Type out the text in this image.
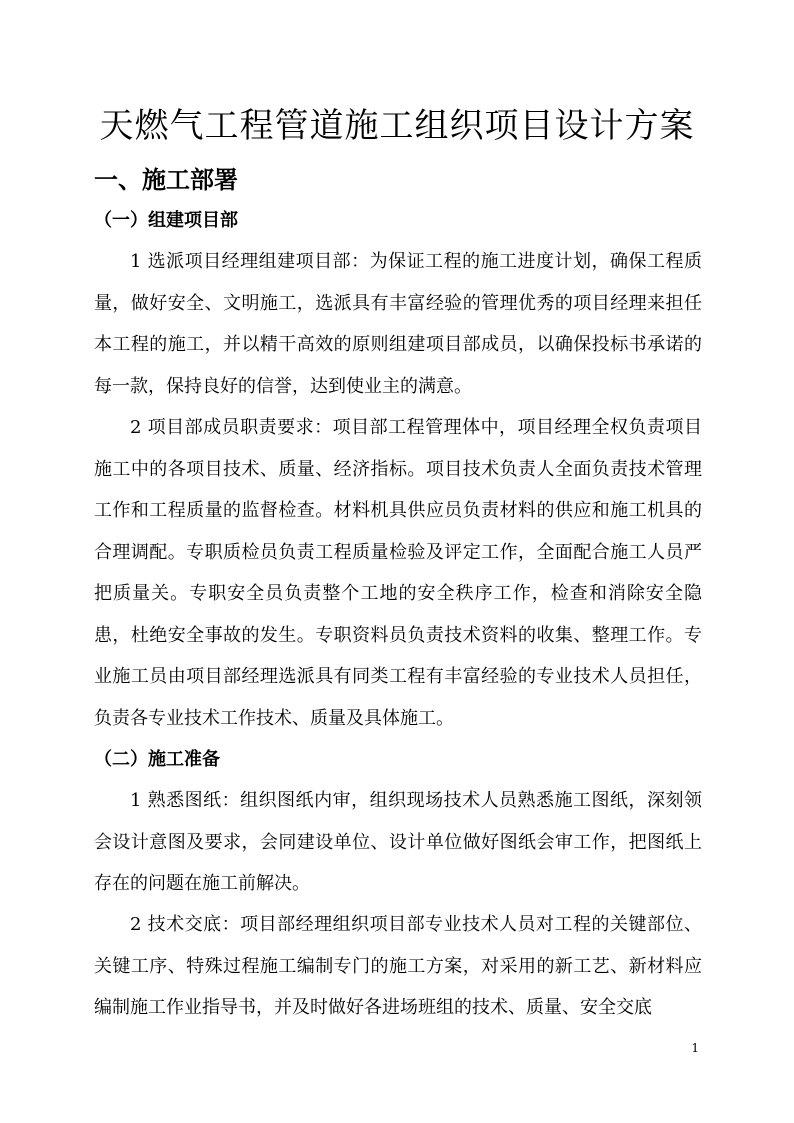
天燃气工程管道施工组织项目设计方案
一、施工部署
（一）组建项目部

1 选派项目经理组建项目部：为保证工程的施工进度计划，确保工程质量，做好安全、文明施工，选派具有丰富经验的管理优秀的项目经理来担任本工程的施工，并以精干高效的原则组建项目部成员，以确保投标书承诺的每一款，保持良好的信誉，达到使业主的满意。

2 项目部成员职责要求：项目部工程管理体中，项目经理全权负责项目施工中的各项目技术、质量、经济指标。项目技术负责人全面负责技术管理工作和工程质量的监督检查。材料机具供应员负责材料的供应和施工机具的合理调配。专职质检员负责工程质量检验及评定工作，全面配合施工人员严把质量关。专职安全员负责整个工地的安全秩序工作，检查和消除安全隐患，杜绝安全事故的发生。专职资料员负责技术资料的收集、整理工作。专业施工员由项目部经理选派具有同类工程有丰富经验的专业技术人员担任，负责各专业技术工作技术、质量及具体施工。

（二）施工准备

1 熟悉图纸：组织图纸内审，组织现场技术人员熟悉施工图纸，深刻领会设计意图及要求，会同建设单位、设计单位做好图纸会审工作，把图纸上存在的问题在施工前解决。

2 技术交底：项目部经理组织项目部专业技术人员对工程的关键部位、关键工序、特殊过程施工编制专门的施工方案，对采用的新工艺、新材料应编制施工作业指导书，并及时做好各进场班组的技术、质量、安全交底

1
